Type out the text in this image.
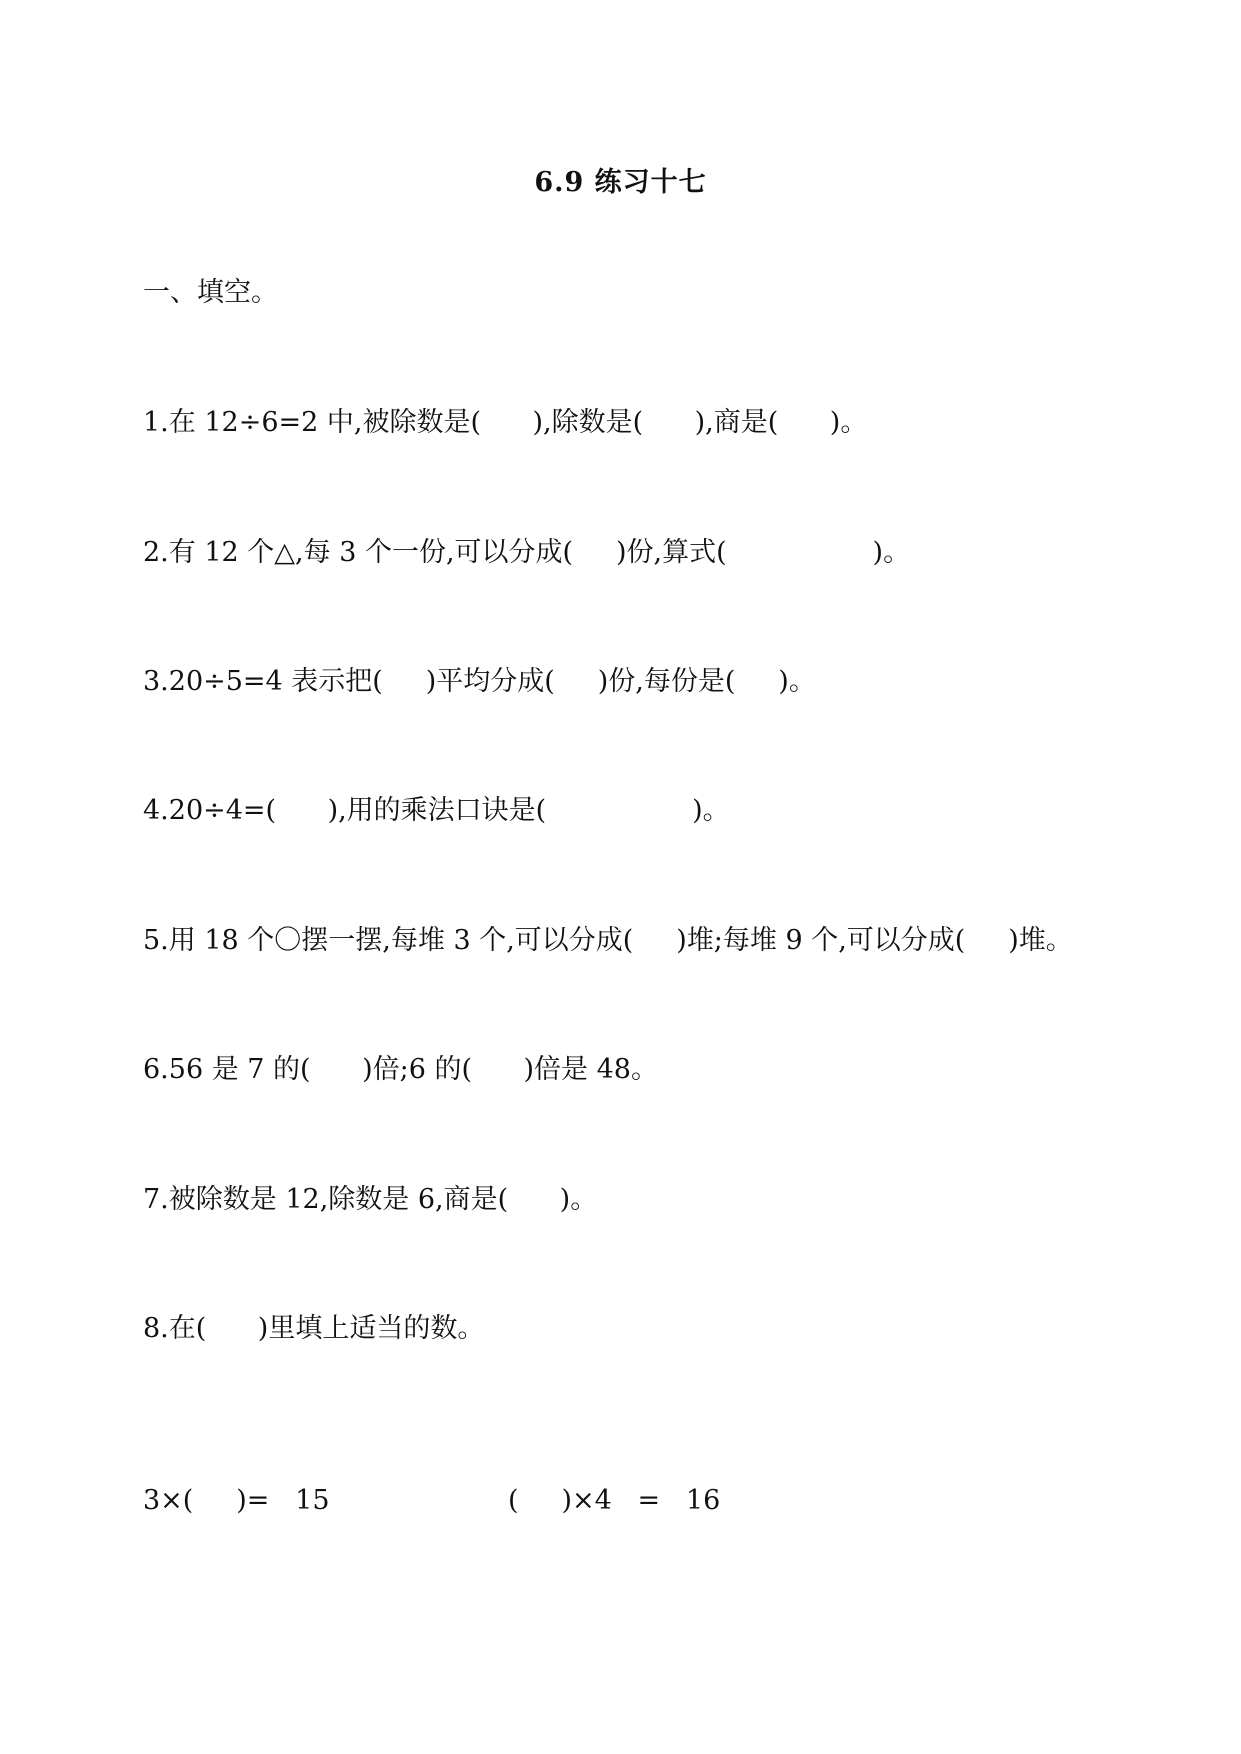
6.9 练习十七
一、填空。
1.在 12÷6=2 中,被除数是(      ),除数是(      ),商是(      )。
2.有 12 个△,每 3 个一份,可以分成(     )份,算式(                 )。
3.20÷5=4 表示把(     )平均分成(     )份,每份是(     )。
4.20÷4=(      ),用的乘法口诀是(                 )。
5.用 18 个〇摆一摆,每堆 3 个,可以分成(     )堆;每堆 9 个,可以分成(     )堆。
6.56 是 7 的(      )倍;6 的(      )倍是 48。
7.被除数是 12,除数是 6,商是(      )。
8.在(      )里填上适当的数。
3×(     )=   15	(     )×4   =   16
